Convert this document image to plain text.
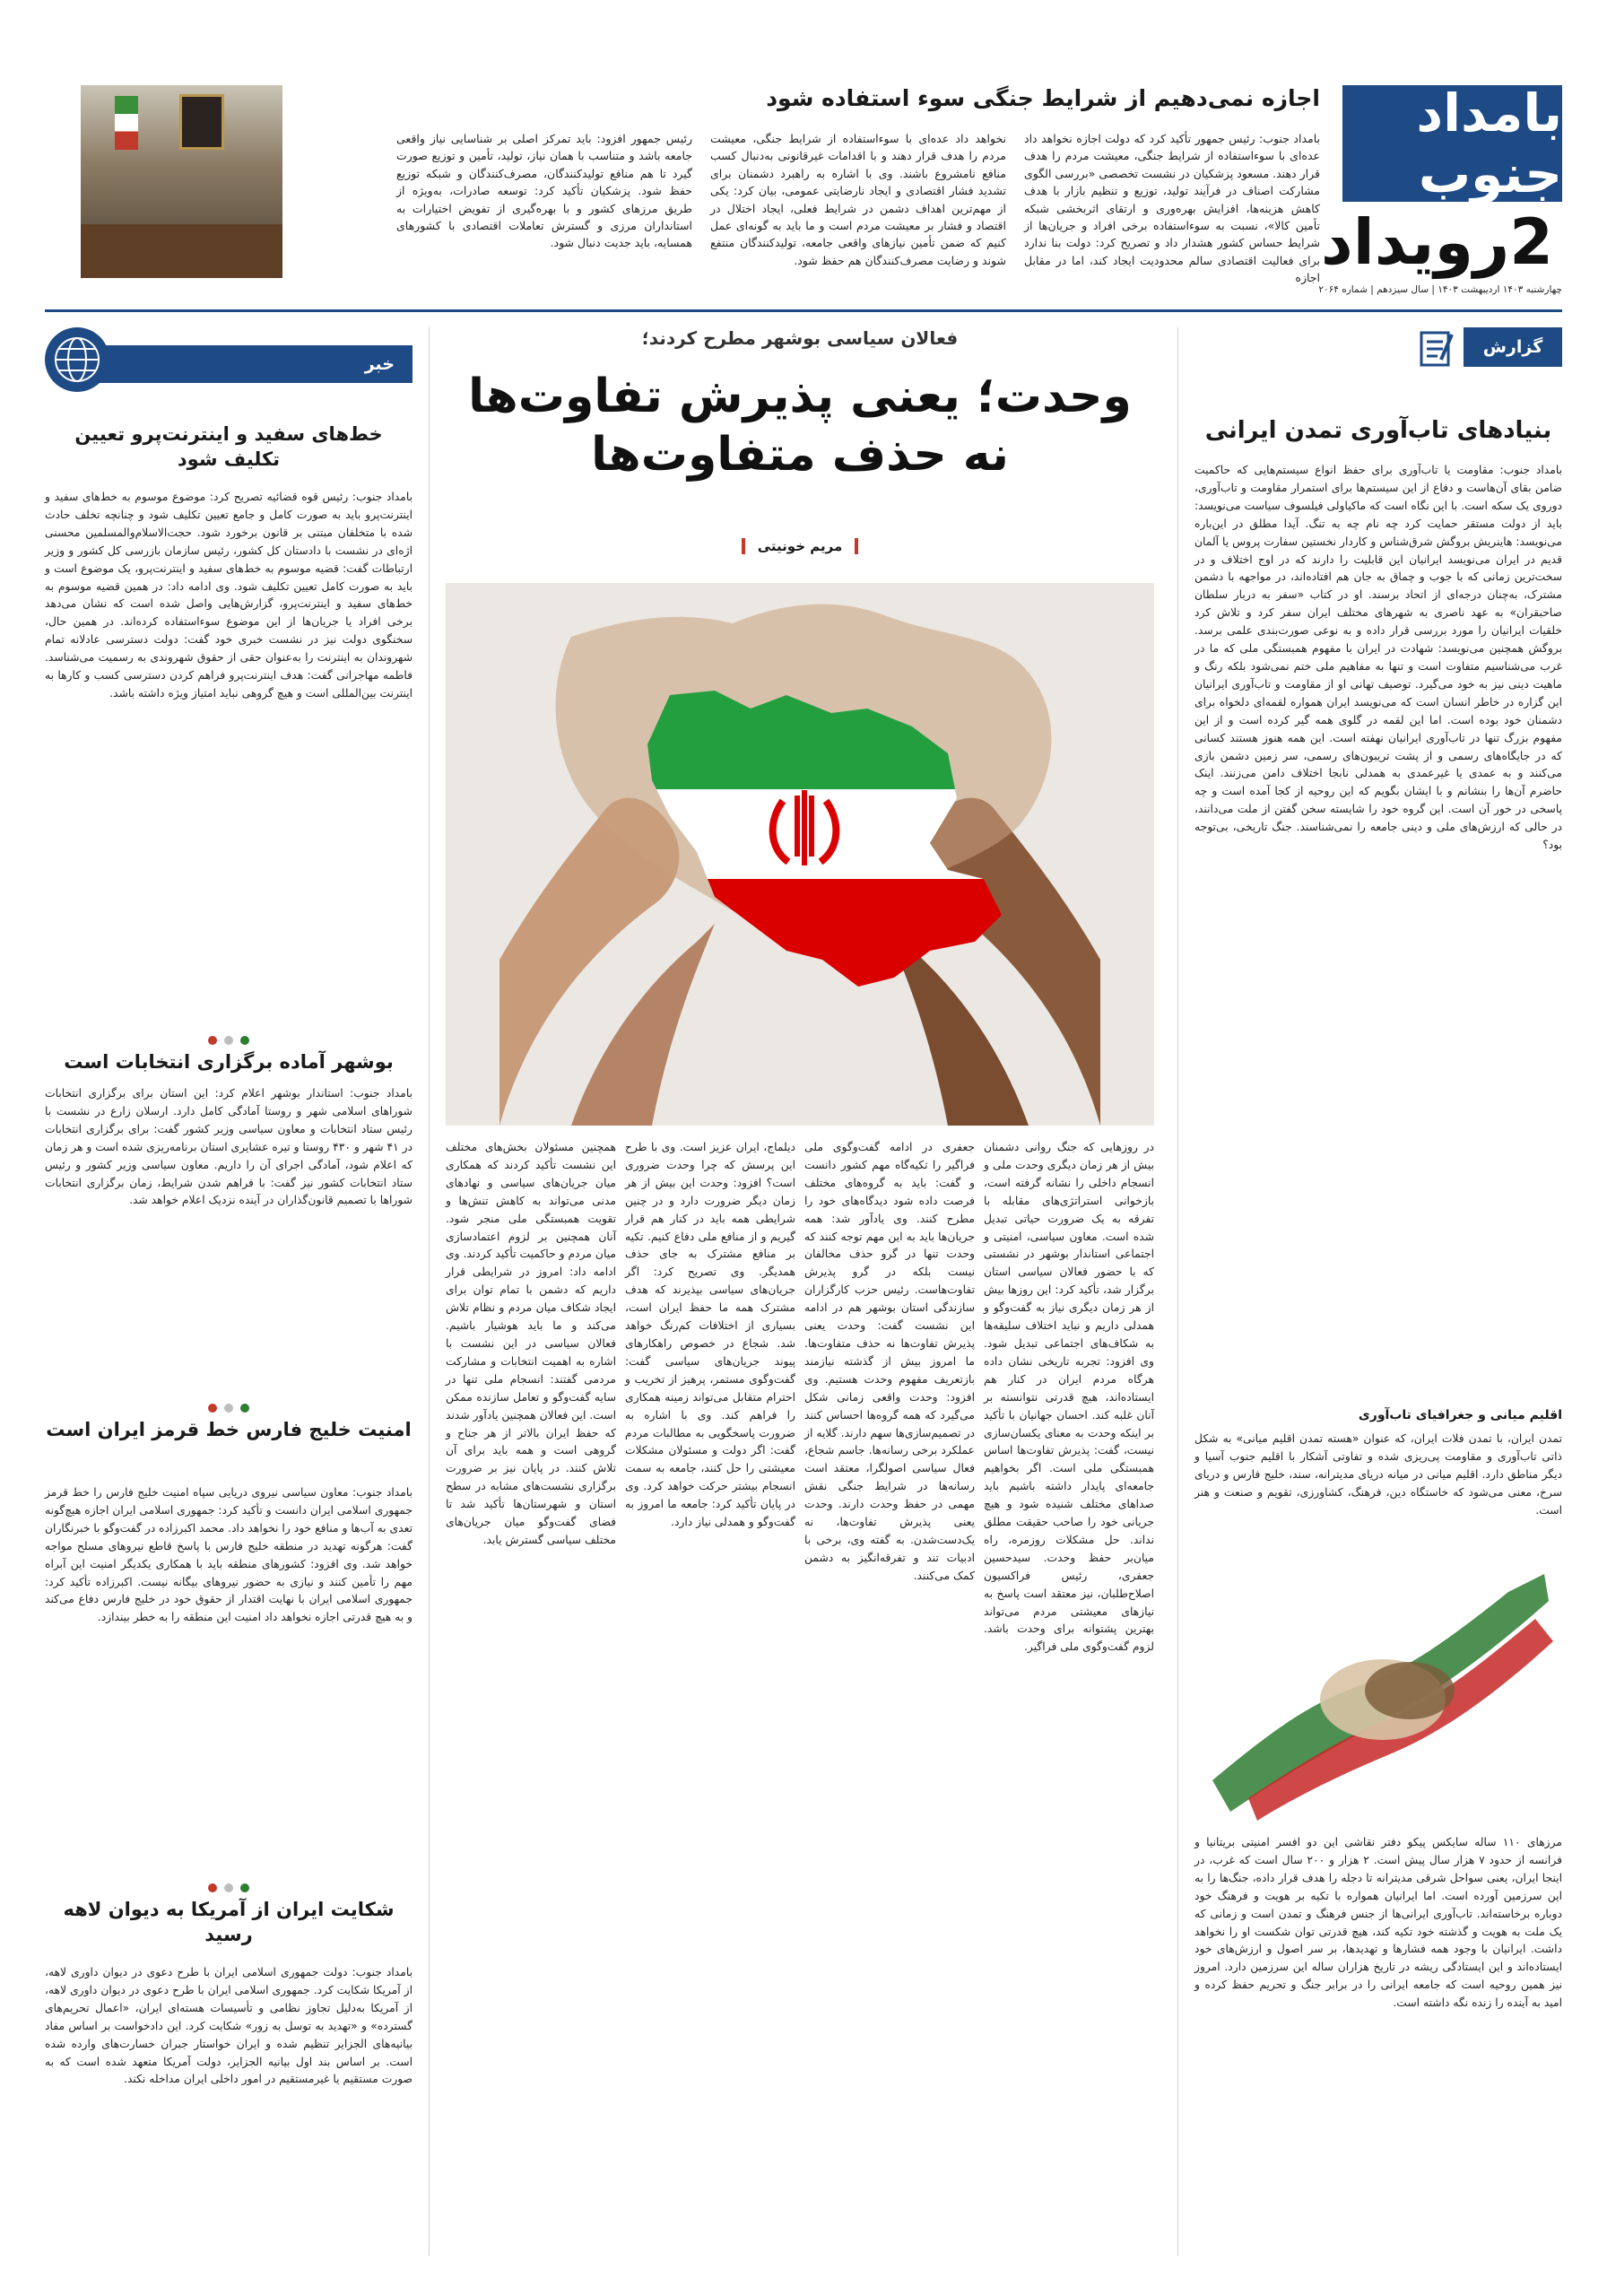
بامداد جنوب
2
رویداد
چهارشنبه ۱۴۰۳ اردیبهشت ۱۴۰۳ | سال سیزدهم | شماره ۲۰۶۴
اجازه نمی‌دهیم از شرایط جنگی سوء استفاده شود
بامداد جنوب: رئیس جمهور تأکید کرد که دولت اجازه نخواهد داد عده‌ای با سوءاستفاده از شرایط جنگی، معیشت مردم را هدف قرار دهند. مسعود پزشکیان در نشست تخصصی «بررسی الگوی مشارکت اصناف در فرآیند تولید، توزیع و تنظیم بازار با هدف کاهش هزینه‌ها، افزایش بهره‌وری و ارتقای اثربخشی شبکه تأمین کالا»، نسبت به سوءاستفاده برخی افراد و جریان‌ها از شرایط حساس کشور هشدار داد و تصریح کرد: دولت بنا ندارد برای فعالیت اقتصادی سالم محدودیت ایجاد کند، اما در مقابل اجازه
نخواهد داد عده‌ای با سوءاستفاده از شرایط جنگی، معیشت مردم را هدف قرار دهند و با اقدامات غیرقانونی به‌دنبال کسب منافع نامشروع باشند. وی با اشاره به راهبرد دشمنان برای تشدید فشار اقتصادی و ایجاد نارضایتی عمومی، بیان کرد: یکی از مهم‌ترین اهداف دشمن در شرایط فعلی، ایجاد اختلال در اقتصاد و فشار بر معیشت مردم است و ما باید به گونه‌ای عمل کنیم که ضمن تأمین نیازهای واقعی جامعه، تولیدکنندگان منتفع شوند و رضایت مصرف‌کنندگان هم حفظ شود.
رئیس جمهور افزود: باید تمرکز اصلی بر شناسایی نیاز واقعی جامعه باشد و متناسب با همان نیاز، تولید، تأمین و توزیع صورت گیرد تا هم منافع تولیدکنندگان، مصرف‌کنندگان و شبکه توزیع حفظ شود. پزشکیان تأکید کرد: توسعه صادرات، به‌ویژه از طریق مرزهای کشور و با بهره‌گیری از تفویض اختیارات به استانداران مرزی و گسترش تعاملات اقتصادی با کشورهای همسایه، باید جدیت دنبال شود.
گزارش
بنیادهای تاب‌آوری تمدن ایرانی
بامداد جنوب: مقاومت یا تاب‌آوری برای حفظ انواع سیستم‌هایی که حاکمیت ضامن بقای آن‌هاست و دفاع از این سیستم‌ها برای استمرار مقاومت و تاب‌آوری، دوروی یک سکه است. با این نگاه است که ماکیاولی فیلسوف سیاست می‌نویسد: باید از دولت مستقر حمایت کرد چه نام چه به تنگ. آیدا مطلق در این‌باره می‌نویسد: هاینریش بروگش شرق‌شناس و کاردار نخستین سفارت پروس یا آلمان قدیم در ایران می‌نویسد ایرانیان این قابلیت را دارند که در اوج اختلاف و در سخت‌ترین زمانی که با جوب و چماق به جان هم افتاده‌اند، در مواجهه با دشمن مشترک، به‌چنان درجه‌ای از اتحاد برسند. او در کتاب «سفر به دربار سلطان صاحبقران» به عهد ناصری به شهرهای مختلف ایران سفر کرد و تلاش کرد خلقیات ایرانیان را مورد بررسی قرار داده و به نوعی صورت‌بندی علمی برسد. بروگش همچنین می‌نویسد: شهادت در ایران با مفهوم همبستگی ملی که ما در غرب می‌شناسیم متفاوت است و تنها به مفاهیم ملی ختم نمی‌شود بلکه رنگ و ماهیت دینی نیز به خود می‌گیرد. توصیف تهانی او از مقاومت و تاب‌آوری ایرانیان این گزاره در خاطر انسان است که می‌نویسد ایران همواره لقمه‌ای دلخواه برای دشمنان خود بوده است. اما این لقمه در گلوی همه گیر کرده است و از این مفهوم بزرگ تنها در تاب‌آوری ایرانیان نهفته است. این همه هنوز هستند کسانی که در جایگاه‌های رسمی و از پشت تریبون‌های رسمی، سر زمین دشمن بازی می‌کنند و به عمدی یا غیرعمدی به همدلی نابجا اختلاف دامن می‌زنند. اینک حاضرم آن‌ها را بنشانم و با ایشان بگویم که این روحیه از کجا آمده است و چه پاسخی در خور آن است. این گروه خود را شایسته سخن گفتن از ملت می‌دانند، در حالی که ارزش‌های ملی و دینی جامعه را نمی‌شناسند. جنگ تاریخی، بی‌توجه بود؟
اقلیم میانی و جغرافیای تاب‌آوری
تمدن ایران، با تمدن فلات ایران، که عنوان «هسته تمدن اقلیم میانی» به شکل ذاتی تاب‌آوری و مقاومت پی‌ریزی شده و تفاوتی آشکار با اقلیم جنوب آسیا و دیگر مناطق دارد. اقلیم میانی در میانه دریای مدیترانه، سند، خلیج فارس و دریای سرخ، معنی می‌شود که خاستگاه دین، فرهنگ، کشاورزی، تقویم و صنعت و هنر است.
مرزهای ۱۱۰ ساله سایکس پیکو دفتر نقاشی این دو افسر امنیتی بریتانیا و فرانسه از حدود ۷ هزار سال پیش است. ۲ هزار و ۲۰۰ سال است که غرب، در اینجا ایران، یعنی سواحل شرقی مدیترانه تا دجله را هدف قرار داده، جنگ‌ها را به این سرزمین آورده است. اما ایرانیان همواره با تکیه بر هویت و فرهنگ خود دوباره برخاسته‌اند. تاب‌آوری ایرانی‌ها از جنس فرهنگ و تمدن است و زمانی که یک ملت به هویت و گذشته خود تکیه کند، هیچ قدرتی توان شکست او را نخواهد داشت. ایرانیان با وجود همه فشارها و تهدیدها، بر سر اصول و ارزش‌های خود ایستاده‌اند و این ایستادگی ریشه در تاریخ هزاران ساله این سرزمین دارد. امروز نیز همین روحیه است که جامعه ایرانی را در برابر جنگ و تحریم حفظ کرده و امید به آینده را زنده نگه داشته است.
فعالان سیاسی بوشهر مطرح کردند؛
وحدت؛ یعنی پذیرش تفاوت‌ها
نه حذف متفاوت‌ها
مریم خونیتی
در روزهایی که جنگ روانی دشمنان بیش از هر زمان دیگری وحدت ملی و انسجام داخلی را نشانه گرفته است، بازخوانی استراتژی‌های مقابله با تفرقه به یک ضرورت حیاتی تبدیل شده است. معاون سیاسی، امنیتی و اجتماعی استاندار بوشهر در نشستی که با حضور فعالان سیاسی استان برگزار شد، تأکید کرد: این روزها بیش از هر زمان دیگری نیاز به گفت‌وگو و همدلی داریم و نباید اختلاف سلیقه‌ها به شکاف‌های اجتماعی تبدیل شود. وی افزود: تجربه تاریخی نشان داده هرگاه مردم ایران در کنار هم ایستاده‌اند، هیچ قدرتی نتوانسته بر آنان غلبه کند. احسان جهانیان با تأکید بر اینکه وحدت به معنای یکسان‌سازی نیست، گفت: پذیرش تفاوت‌ها اساس همبستگی ملی است. اگر بخواهیم جامعه‌ای پایدار داشته باشیم باید صداهای مختلف شنیده شود و هیچ جریانی خود را صاحب حقیقت مطلق نداند. حل مشکلات روزمره، راه میان‌بر حفظ وحدت. سیدحسین جعفری، رئیس فراکسیون اصلاح‌طلبان، نیز معتقد است پاسخ به نیازهای معیشتی مردم می‌تواند بهترین پشتوانه برای وحدت باشد. لزوم گفت‌وگوی ملی فراگیر.
جعفری در ادامه گفت‌وگوی ملی فراگیر را تکیه‌گاه مهم کشور دانست و گفت: باید به گروه‌های مختلف فرصت داده شود دیدگاه‌های خود را مطرح کنند. وی یادآور شد: همه جریان‌ها باید به این مهم توجه کنند که وحدت تنها در گرو حذف مخالفان نیست بلکه در گرو پذیرش تفاوت‌هاست. رئیس حزب کارگزاران سازندگی استان بوشهر هم در ادامه این نشست گفت: وحدت یعنی پذیرش تفاوت‌ها نه حذف متفاوت‌ها. ما امروز بیش از گذشته نیازمند بازتعریف مفهوم وحدت هستیم. وی افزود: وحدت واقعی زمانی شکل می‌گیرد که همه گروه‌ها احساس کنند در تصمیم‌سازی‌ها سهم دارند. گلایه از عملکرد برخی رسانه‌ها. جاسم شجاع، فعال سیاسی اصولگرا، معتقد است رسانه‌ها در شرایط جنگی نقش مهمی در حفظ وحدت دارند. وحدت یعنی پذیرش تفاوت‌ها، نه یک‌دست‌شدن. به گفته وی، برخی با ادبیات تند و تفرقه‌انگیز به دشمن کمک می‌کنند.
دیلماج، ایران عزیز است. وی با طرح این پرسش که چرا وحدت ضروری است؟ افزود: وحدت این بیش از هر زمان دیگر ضرورت دارد و در چنین شرایطی همه باید در کنار هم قرار گیریم و از منافع ملی دفاع کنیم. تکیه بر منافع مشترک به جای حذف همدیگر. وی تصریح کرد: اگر جریان‌های سیاسی بپذیرند که هدف مشترک همه ما حفظ ایران است، بسیاری از اختلافات کم‌رنگ خواهد شد. شجاع در خصوص راهکارهای پیوند جریان‌های سیاسی گفت: گفت‌وگوی مستمر، پرهیز از تخریب و احترام متقابل می‌تواند زمینه همکاری را فراهم کند. وی با اشاره به ضرورت پاسخگویی به مطالبات مردم گفت: اگر دولت و مسئولان مشکلات معیشتی را حل کنند، جامعه به سمت انسجام بیشتر حرکت خواهد کرد. وی در پایان تأکید کرد: جامعه ما امروز به گفت‌وگو و همدلی نیاز دارد.
همچنین مسئولان بخش‌های مختلف این نشست تأکید کردند که همکاری میان جریان‌های سیاسی و نهادهای مدنی می‌تواند به کاهش تنش‌ها و تقویت همبستگی ملی منجر شود. آنان همچنین بر لزوم اعتمادسازی میان مردم و حاکمیت تأکید کردند. وی ادامه داد: امروز در شرایطی قرار داریم که دشمن با تمام توان برای ایجاد شکاف میان مردم و نظام تلاش می‌کند و ما باید هوشیار باشیم. فعالان سیاسی در این نشست با اشاره به اهمیت انتخابات و مشارکت مردمی گفتند: انسجام ملی تنها در سایه گفت‌وگو و تعامل سازنده ممکن است. این فعالان همچنین یادآور شدند که حفظ ایران بالاتر از هر جناح و گروهی است و همه باید برای آن تلاش کنند. در پایان نیز بر ضرورت برگزاری نشست‌های مشابه در سطح استان و شهرستان‌ها تأکید شد تا فضای گفت‌وگو میان جریان‌های مختلف سیاسی گسترش یابد.
خبر
خط‌های سفید و اینترنت‌پرو تعیین تکلیف شود
بامداد جنوب: رئیس قوه قضائیه تصریح کرد: موضوع موسوم به خط‌های سفید و اینترنت‌پرو باید به صورت کامل و جامع تعیین تکلیف شود و چنانچه تخلف حادث شده با متخلفان مبتنی بر قانون برخورد شود. حجت‌الاسلام‌والمسلمین محسنی اژه‌ای در نشست با دادستان کل کشور، رئیس سازمان بازرسی کل کشور و وزیر ارتباطات گفت: قضیه موسوم به خط‌های سفید و اینترنت‌پرو، یک موضوع است و باید به صورت کامل تعیین تکلیف شود. وی ادامه داد: در همین قضیه موسوم به خط‌های سفید و اینترنت‌پرو، گزارش‌هایی واصل شده است که نشان می‌دهد برخی افراد یا جریان‌ها از این موضوع سوءاستفاده کرده‌اند. در همین حال، سخنگوی دولت نیز در نشست خبری خود گفت: دولت دسترسی عادلانه تمام شهروندان به اینترنت را به‌عنوان حقی از حقوق شهروندی به رسمیت می‌شناسد. فاطمه مهاجرانی گفت: هدف اینترنت‌پرو فراهم کردن دسترسی کسب و کارها به اینترنت بین‌المللی است و هیچ گروهی نباید امتیاز ویژه داشته باشد.
بوشهر آماده برگزاری انتخابات است
بامداد جنوب: استاندار بوشهر اعلام کرد: این استان برای برگزاری انتخابات شوراهای اسلامی شهر و روستا آمادگی کامل دارد. ارسلان زارع در نشست با رئیس ستاد انتخابات و معاون سیاسی وزیر کشور گفت: برای برگزاری انتخابات در ۴۱ شهر و ۴۳۰ روستا و تیره عشایری استان برنامه‌ریزی شده است و هر زمان که اعلام شود، آمادگی اجرای آن را داریم. معاون سیاسی وزیر کشور و رئیس ستاد انتخابات کشور نیز گفت: با فراهم شدن شرایط، زمان برگزاری انتخابات شوراها با تصمیم قانون‌گذاران در آینده نزدیک اعلام خواهد شد.
امنیت خلیج فارس خط قرمز ایران است
بامداد جنوب: معاون سیاسی نیروی دریایی سپاه امنیت خلیج فارس را خط قرمز جمهوری اسلامی ایران دانست و تأکید کرد: جمهوری اسلامی ایران اجازه هیچ‌گونه تعدی به آب‌ها و منافع خود را نخواهد داد. محمد اکبرزاده در گفت‌وگو با خبرنگاران گفت: هرگونه تهدید در منطقه خلیج فارس با پاسخ قاطع نیروهای مسلح مواجه خواهد شد. وی افزود: کشورهای منطقه باید با همکاری یکدیگر امنیت این آبراه مهم را تأمین کنند و نیازی به حضور نیروهای بیگانه نیست. اکبرزاده تأکید کرد: جمهوری اسلامی ایران با نهایت اقتدار از حقوق خود در خلیج فارس دفاع می‌کند و به هیچ قدرتی اجازه نخواهد داد امنیت این منطقه را به خطر بیندازد.
شکایت ایران از آمریکا به دیوان لاهه رسید
بامداد جنوب: دولت جمهوری اسلامی ایران با طرح دعوی در دیوان داوری لاهه، از آمریکا شکایت کرد. جمهوری اسلامی ایران با طرح دعوی در دیوان داوری لاهه، از آمریکا به‌دلیل تجاوز نظامی و تأسیسات هسته‌ای ایران، «اعمال تحریم‌های گسترده» و «تهدید به توسل به زور» شکایت کرد. این دادخواست بر اساس مفاد بیانیه‌های الجزایر تنظیم شده و ایران خواستار جبران خسارت‌های وارده شده است. بر اساس بند اول بیانیه الجزایر، دولت آمریکا متعهد شده است که به صورت مستقیم یا غیرمستقیم در امور داخلی ایران مداخله نکند.
